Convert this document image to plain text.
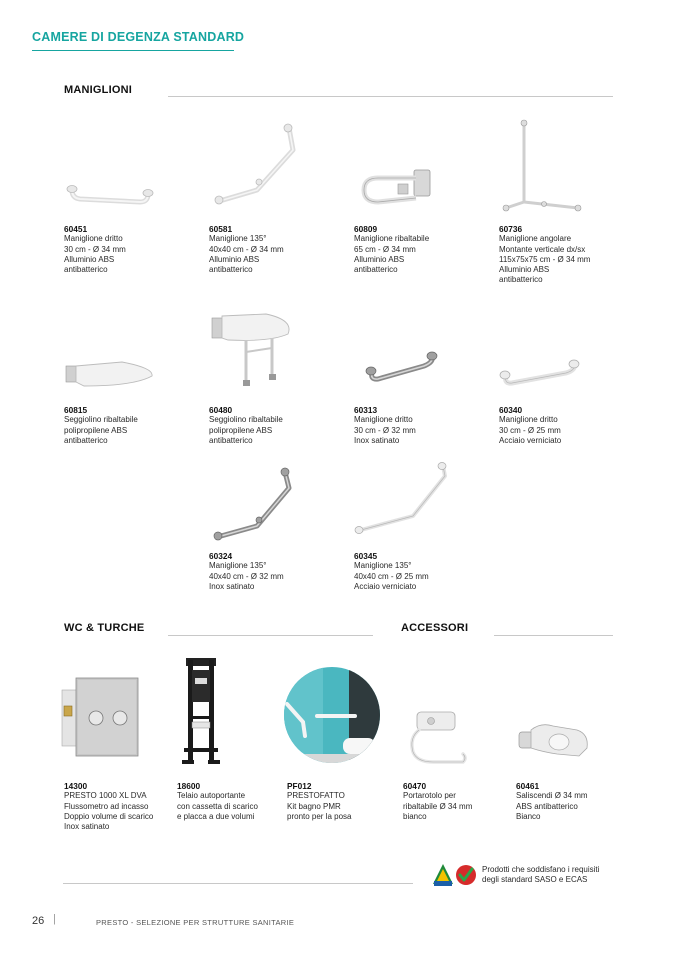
CAMERE DI DEGENZA STANDARD
MANIGLIONI
60451
Maniglione dritto
30 cm - Ø 34 mm
Alluminio ABS
antibatterico
60581
Maniglione 135°
40x40 cm - Ø 34 mm
Alluminio ABS
antibatterico
60809
Maniglione ribaltabile
65 cm - Ø 34 mm
Alluminio ABS
antibatterico
60736
Maniglione angolare
Montante verticale dx/sx
115x75x75 cm - Ø 34 mm
Alluminio ABS
antibatterico
60815
Seggiolino ribaltabile
polipropilene ABS
antibatterico
60480
Seggiolino ribaltabile
polipropilene ABS
antibatterico
60313
Maniglione dritto
30 cm - Ø 32 mm
Inox satinato
60340
Maniglione dritto
30 cm - Ø 25 mm
Acciaio verniciato
60324
Maniglione 135°
40x40 cm - Ø 32 mm
Inox satinato
60345
Maniglione 135°
40x40 cm - Ø 25 mm
Acciaio verniciato
WC & TURCHE	ACCESSORI
14300
PRESTO 1000 XL DVA
Flussometro ad incasso
Doppio volume di scarico
Inox satinato
18600
Telaio autoportante
con cassetta di scarico
e placca a due volumi
PF012
PRESTOFATTO
Kit bagno PMR
pronto per la posa
60470
Portarotolo per
ribaltabile Ø 34 mm
bianco
60461
Saliscendi Ø 34 mm
ABS antibatterico
Bianco
Prodotti che soddisfano i requisiti
degli standard SASO e ECAS
26 |	PRESTO - SELEZIONE PER STRUTTURE SANITARIE
